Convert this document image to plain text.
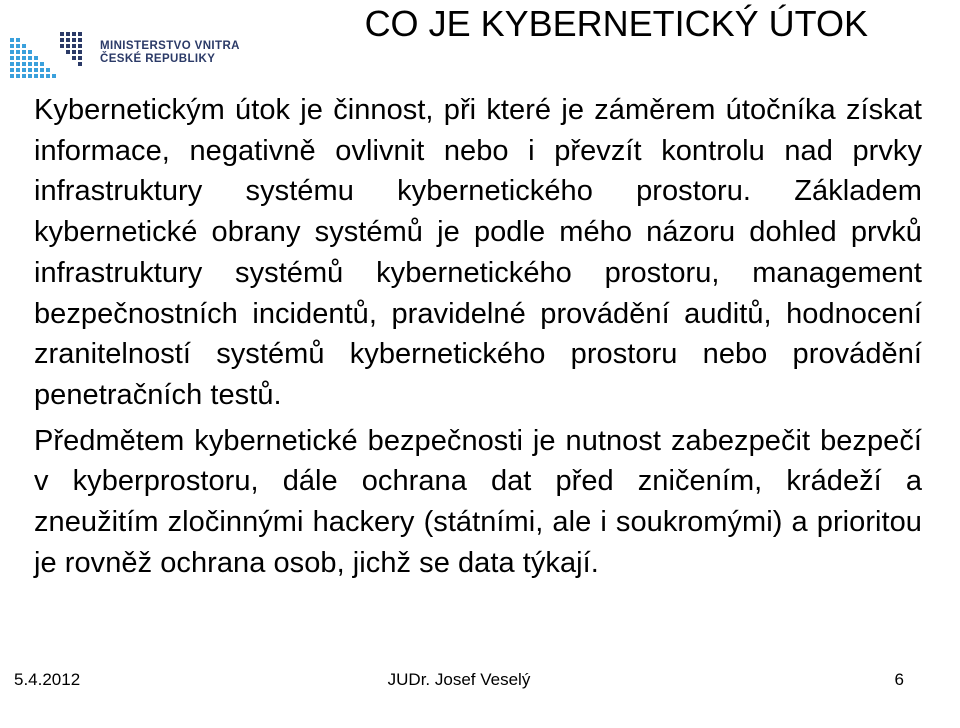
MINISTERSTVO VNITRA
ČESKÉ REPUBLIKY
CO JE KYBERNETICKÝ ÚTOK

Kybernetickým útok je činnost, při které je záměrem útočníka získat informace, negativně ovlivnit nebo i převzít kontrolu nad prvky infrastruktury systému kybernetického prostoru. Základem kybernetické obrany systémů je podle mého názoru dohled prvků infrastruktury systémů kybernetického prostoru, management bezpečnostních incidentů, pravidelné provádění auditů, hodnocení zranitelností systémů kybernetického prostoru nebo provádění penetračních testů.

Předmětem kybernetické bezpečnosti je nutnost zabezpečit bezpečí v kyberprostoru, dále ochrana dat před zničením, krádeží a zneužitím zločinnými hackery (státními, ale i soukromými) a prioritou je rovněž ochrana osob, jichž se data týkají.

5.4.2012	JUDr. Josef Veselý	6
